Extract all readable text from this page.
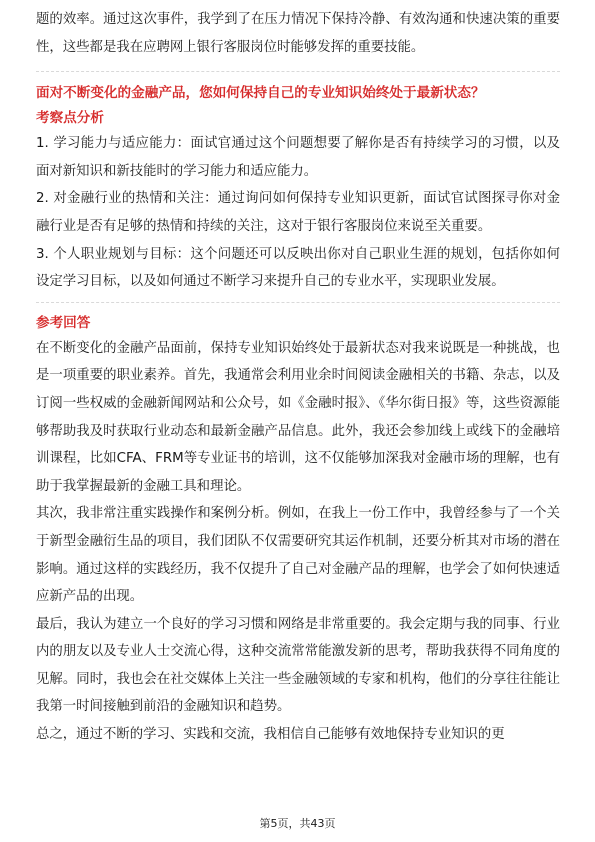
题的效率。通过这次事件，我学到了在压力情况下保持冷静、有效沟通和快速决策的重要性，这些都是我在应聘网上银行客服岗位时能够发挥的重要技能。

面对不断变化的金融产品，您如何保持自己的专业知识始终处于最新状态？

考察点分析

1. 学习能力与适应能力：面试官通过这个问题想要了解你是否有持续学习的习惯，以及面对新知识和新技能时的学习能力和适应能力。

2. 对金融行业的热情和关注：通过询问如何保持专业知识更新，面试官试图探寻你对金融行业是否有足够的热情和持续的关注，这对于银行客服岗位来说至关重要。

3. 个人职业规划与目标：这个问题还可以反映出你对自己职业生涯的规划，包括你如何设定学习目标，以及如何通过不断学习来提升自己的专业水平，实现职业发展。

参考回答

在不断变化的金融产品面前，保持专业知识始终处于最新状态对我来说既是一种挑战，也是一项重要的职业素养。首先，我通常会利用业余时间阅读金融相关的书籍、杂志，以及订阅一些权威的金融新闻网站和公众号，如《金融时报》、《华尔街日报》等，这些资源能够帮助我及时获取行业动态和最新金融产品信息。此外，我还会参加线上或线下的金融培训课程，比如CFA、FRM等专业证书的培训，这不仅能够加深我对金融市场的理解，也有助于我掌握最新的金融工具和理论。

其次，我非常注重实践操作和案例分析。例如，在我上一份工作中，我曾经参与了一个关于新型金融衍生品的项目，我们团队不仅需要研究其运作机制，还要分析其对市场的潜在影响。通过这样的实践经历，我不仅提升了自己对金融产品的理解，也学会了如何快速适应新产品的出现。

最后，我认为建立一个良好的学习习惯和网络是非常重要的。我会定期与我的同事、行业内的朋友以及专业人士交流心得，这种交流常常能激发新的思考，帮助我获得不同角度的见解。同时，我也会在社交媒体上关注一些金融领域的专家和机构，他们的分享往往能让我第一时间接触到前沿的金融知识和趋势。

总之，通过不断的学习、实践和交流，我相信自己能够有效地保持专业知识的更

第5页，共43页
